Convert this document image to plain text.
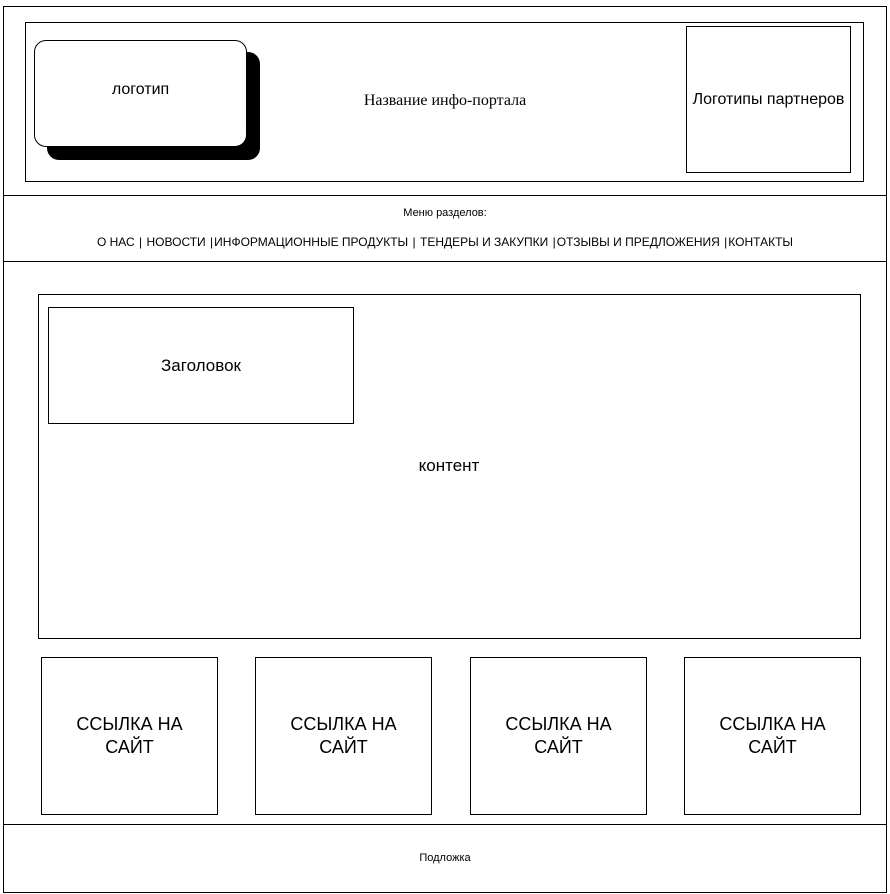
логотип
Название инфо-портала	Логотипы партнеров
Меню разделов:
О НАС | НОВОСТИ |ИНФОРМАЦИОННЫЕ ПРОДУКТЫ | ТЕНДЕРЫ И ЗАКУПКИ |ОТЗЫВЫ И ПРЕДЛОЖЕНИЯ |КОНТАКТЫ
Заголовок
контент
ССЫЛКА НА САЙТ
ССЫЛКА НА САЙТ
ССЫЛКА НА САЙТ
ССЫЛКА НА САЙТ
Подложка
